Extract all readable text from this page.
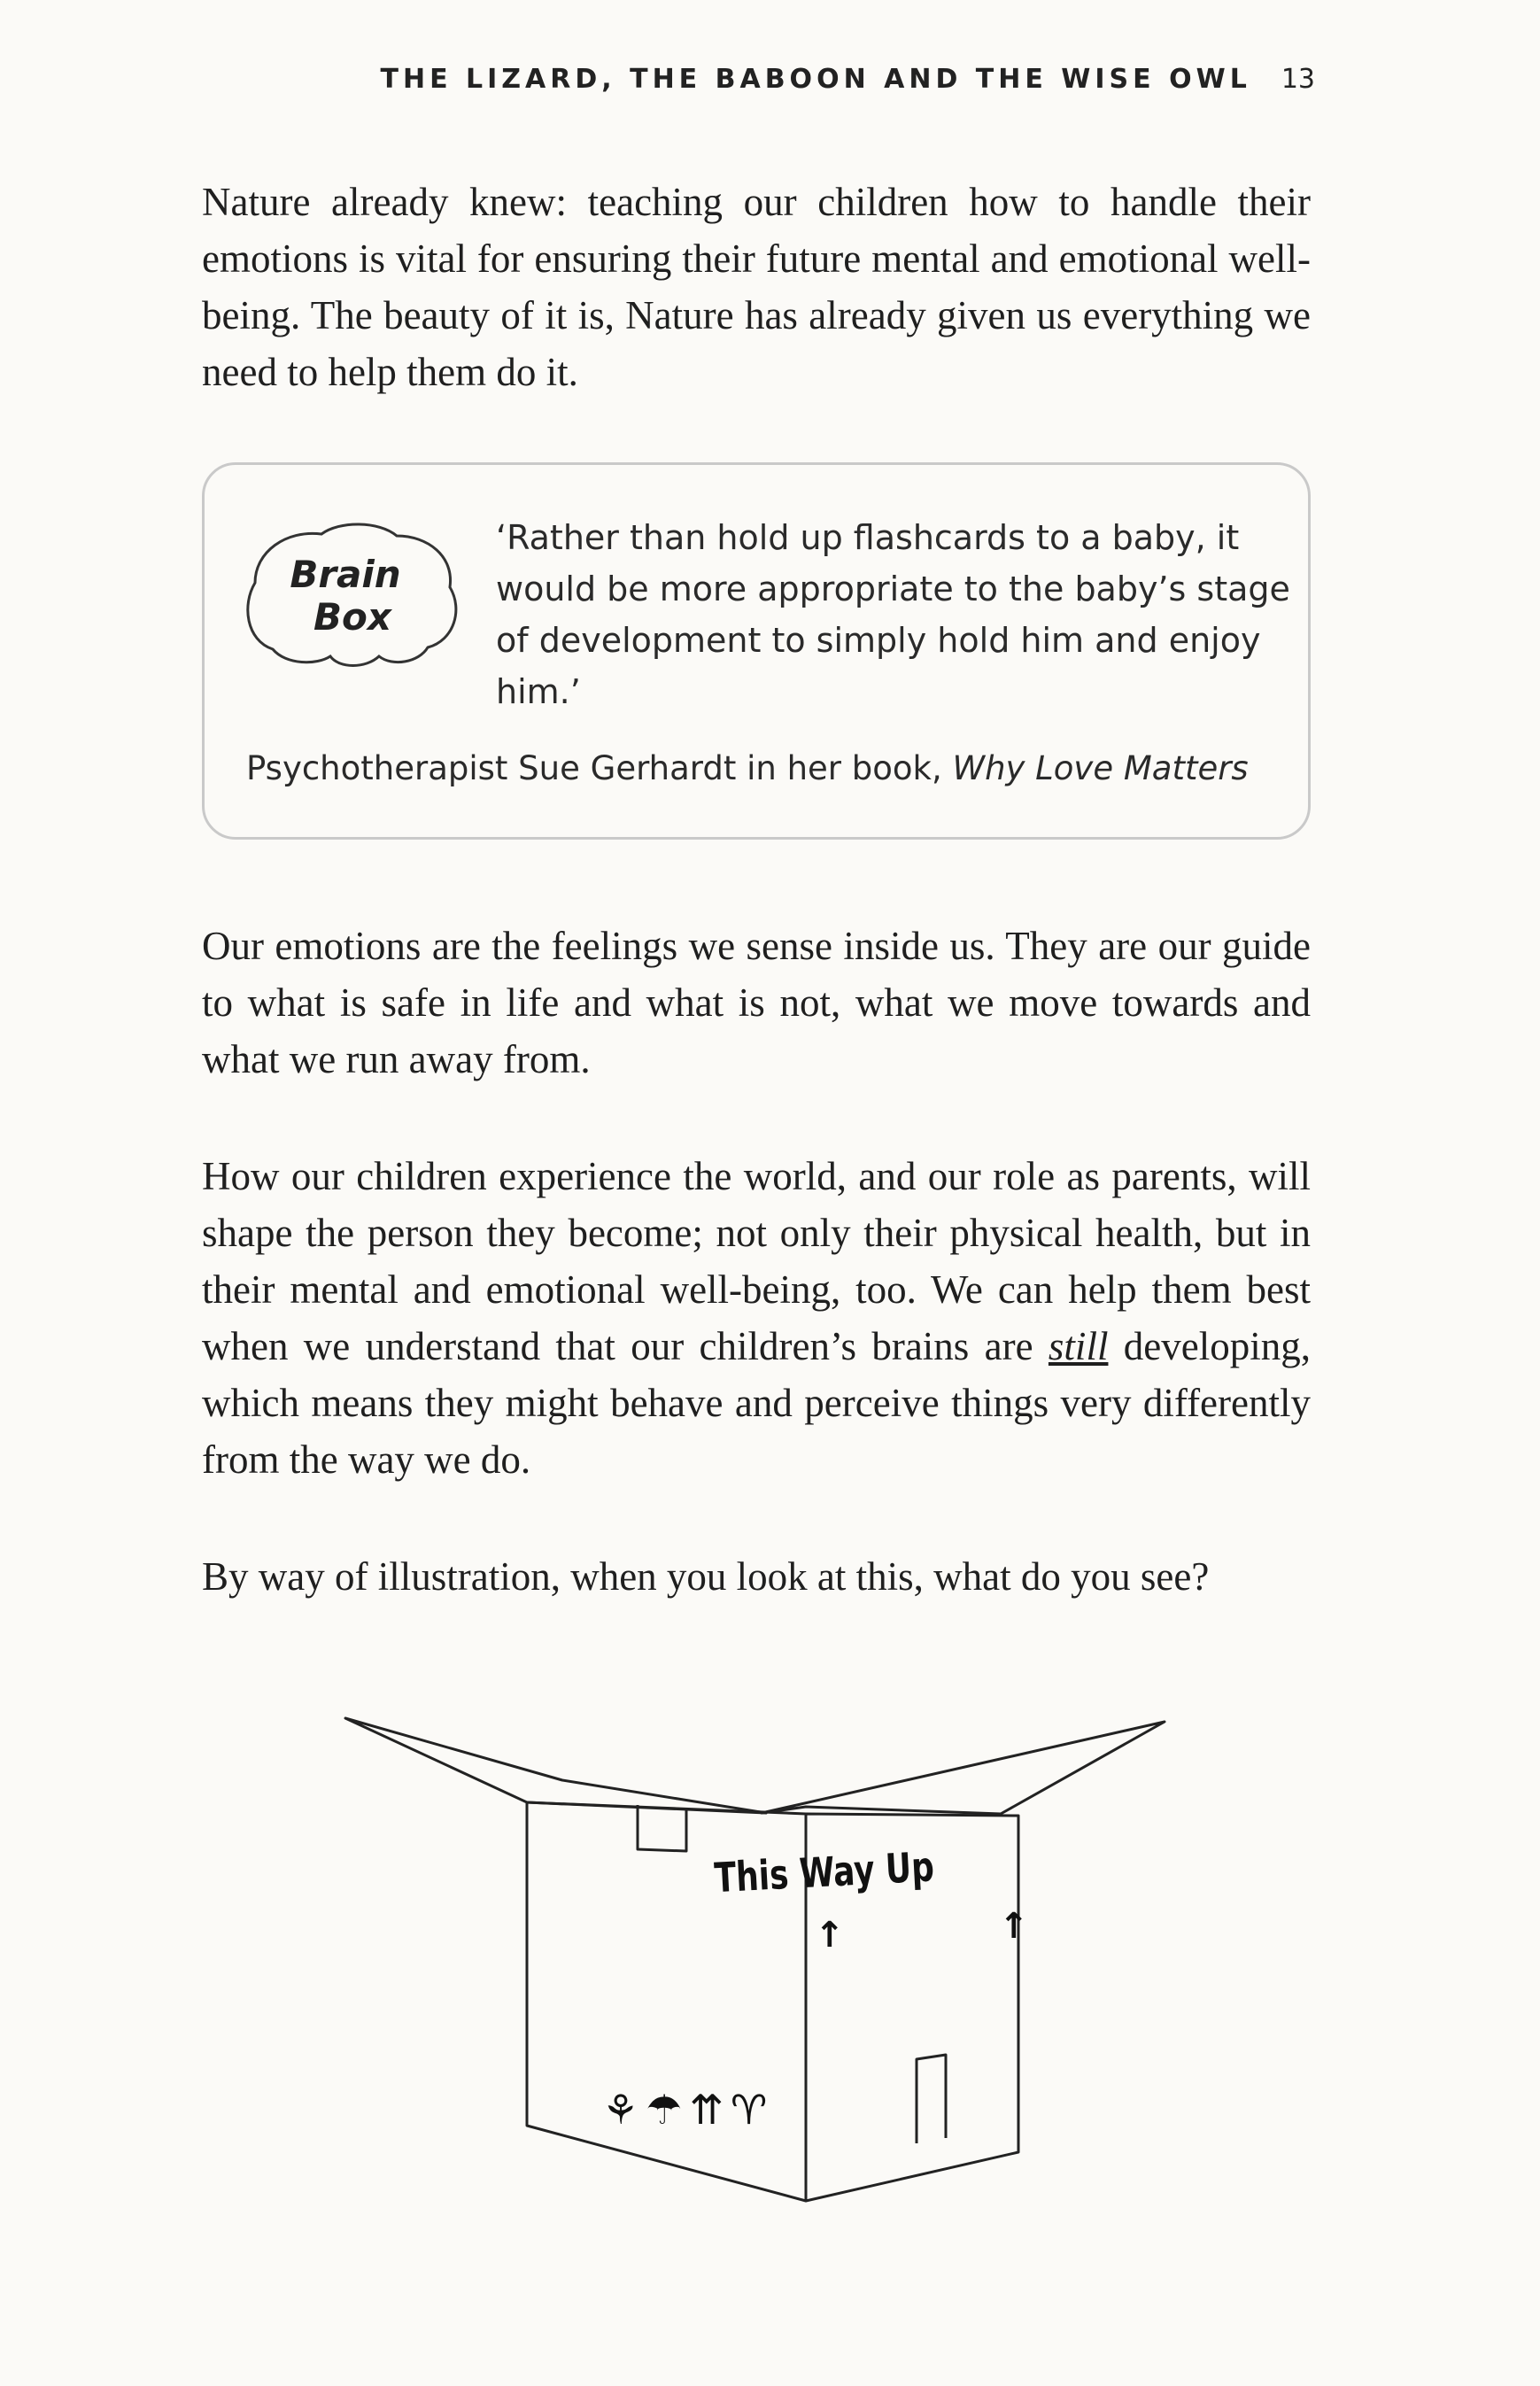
THE LIZARD, THE BABOON AND THE WISE OWL 13

Nature already knew: teaching our children how to handle their emotions is vital for ensuring their future mental and emotional well-being. The beauty of it is, Nature has already given us everything we need to help them do it.

Brain
Box
‘Rather than hold up flashcards to a baby, it would be more appropriate to the baby’s stage of development to simply hold him and enjoy him.’
Psychotherapist Sue Gerhardt in her book, Why Love Matters

Our emotions are the feelings we sense inside us. They are our guide to what is safe in life and what is not, what we move towards and what we run away from.

How our children experience the world, and our role as parents, will shape the person they become; not only their physical health, but in their mental and emotional well-being, too. We can help them best when we understand that our children’s brains are still developing, which means they might behave and perceive things very differently from the way we do.

By way of illustration, when you look at this, what do you see?

This Way Up
↑	↑
⚘☂⇈♈
